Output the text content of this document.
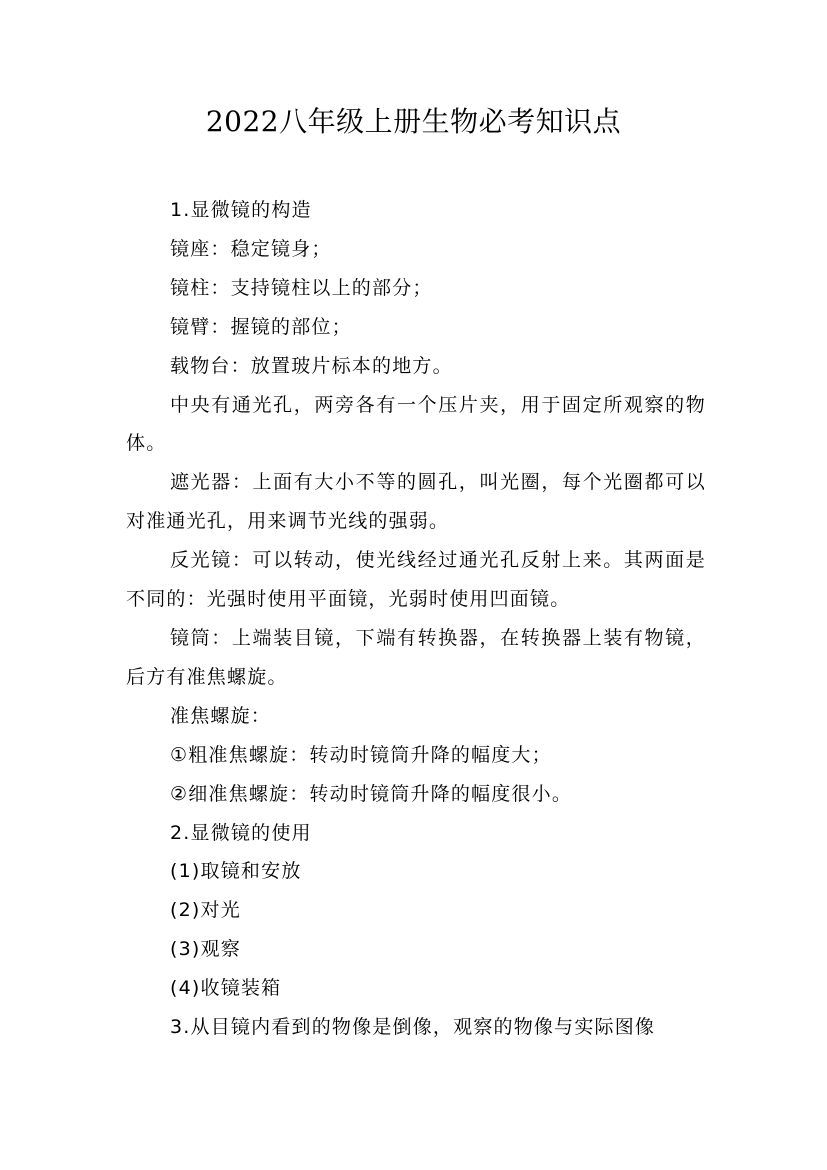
2022八年级上册生物必考知识点

1.显微镜的构造

镜座：稳定镜身；

镜柱：支持镜柱以上的部分；

镜臂：握镜的部位；

载物台：放置玻片标本的地方。

中央有通光孔，两旁各有一个压片夹，用于固定所观察的物体。

遮光器：上面有大小不等的圆孔，叫光圈，每个光圈都可以对准通光孔，用来调节光线的强弱。

反光镜：可以转动，使光线经过通光孔反射上来。其两面是不同的：光强时使用平面镜，光弱时使用凹面镜。

镜筒：上端装目镜，下端有转换器，在转换器上装有物镜，后方有准焦螺旋。

准焦螺旋：

①粗准焦螺旋：转动时镜筒升降的幅度大；

②细准焦螺旋：转动时镜筒升降的幅度很小。

2.显微镜的使用

(1)取镜和安放

(2)对光

(3)观察

(4)收镜装箱

3.从目镜内看到的物像是倒像，观察的物像与实际图像
